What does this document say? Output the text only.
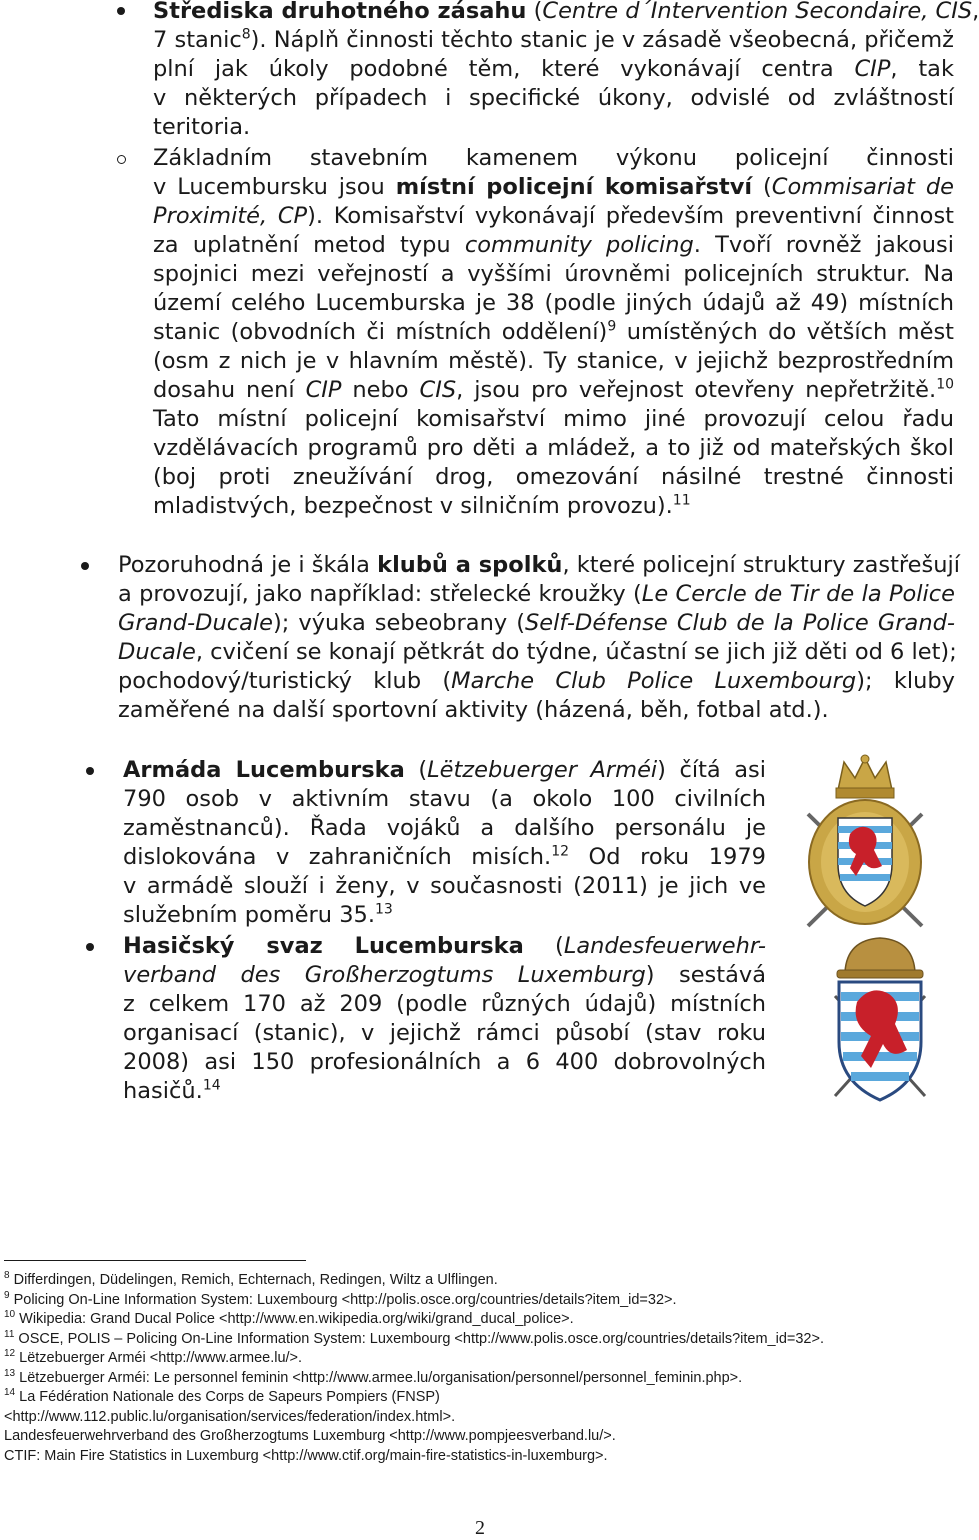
Střediska druhotného zásahu (Centre d´Intervention Secondaire, CIS,
7 stanic$^8$). Náplň činnosti těchto stanic je v zásadě všeobecná, přičemž
plní jak úkoly podobné těm, které vykonávají centra CIP, tak
v některých případech i specifické úkony, odvislé od zvláštností
teritoria.
Základním stavebním kamenem výkonu policejní činnosti
v Lucembursku jsou místní policejní komisařství (Commisariat de
Proximité, CP). Komisařství vykonávají především preventivní činnost
za uplatnění metod typu community policing. Tvoří rovněž jakousi
spojnici mezi veřejností a vyššími úrovněmi policejních struktur. Na
území celého Lucemburska je 38 (podle jiných údajů až 49) místních
stanic (obvodních či místních oddělení)$^9$ umístěných do větších měst
(osm z nich je v hlavním městě). Ty stanice, v jejichž bezprostředním
dosahu není CIP nebo CIS, jsou pro veřejnost otevřeny nepřetržitě.$^{10}$
Tato místní policejní komisařství mimo jiné provozují celou řadu
vzdělávacích programů pro děti a mládež, a to již od mateřských škol
(boj proti zneužívání drog, omezování násilné trestné činnosti
mladistvých, bezpečnost v silničním provozu).$^{11}$
Pozoruhodná je i škála klubů a spolků, které policejní struktury zastřešují
a provozují, jako například: střelecké kroužky (Le Cercle de Tir de la Police
Grand-Ducale); výuka sebeobrany (Self-Défense Club de la Police Grand-
Ducale, cvičení se konají pětkrát do týdne, účastní se jich již děti od 6 let);
pochodový/turistický klub (Marche Club Police Luxembourg); kluby
zaměřené na další sportovní aktivity (házená, běh, fotbal atd.).
Armáda Lucemburska (Lëtzebuerger Arméi) čítá asi
790 osob v aktivním stavu (a okolo 100 civilních
zaměstnanců). Řada vojáků a dalšího personálu je
dislokována v zahraničních misích.$^{12}$ Od roku 1979
v armádě slouží i ženy, v současnosti (2011) je jich ve
služebním poměru 35.13
Hasičský svaz Lucemburska (Landesfeuerwehr-
verband des Großherzogtums Luxemburg) sestává
z celkem 170 až 209 (podle různých údajů) místních
organisací (stanic), v jejichž rámci působí (stav roku
2008) asi 150 profesionálních a 6 400 dobrovolných
hasičů.$^{14}$
$^8$ Differdingen, Düdelingen, Remich, Echternach, Redingen, Wiltz a Ulflingen.
$^9$ Policing On-Line Information System: Luxembourg <http://polis.osce.org/countries/details?item_id=32>.
$^{10}$ Wikipedia: Grand Ducal Police <http://www.en.wikipedia.org/wiki/grand_ducal_police>.
$^{11}$ OSCE, POLIS – Policing On-Line Information System: Luxembourg <http://www.polis.osce.org/countries/details?item_id=32>.
$^{12}$ Lëtzebuerger Arméi <http://www.armee.lu/>.
$^{13}$ Lëtzebuerger Arméi: Le personnel feminin <http://www.armee.lu/organisation/personnel/personnel_feminin.php>.
$^{14}$ La Fédération Nationale des Corps de Sapeurs Pompiers (FNSP)
<http://www.112.public.lu/organisation/services/federation/index.html>.
Landesfeuerwehrverband des Großherzogtums Luxemburg <http://www.pompjeesverband.lu/>.
CTIF: Main Fire Statistics in Luxemburg <http://www.ctif.org/main-fire-statistics-in-luxemburg>.
2
